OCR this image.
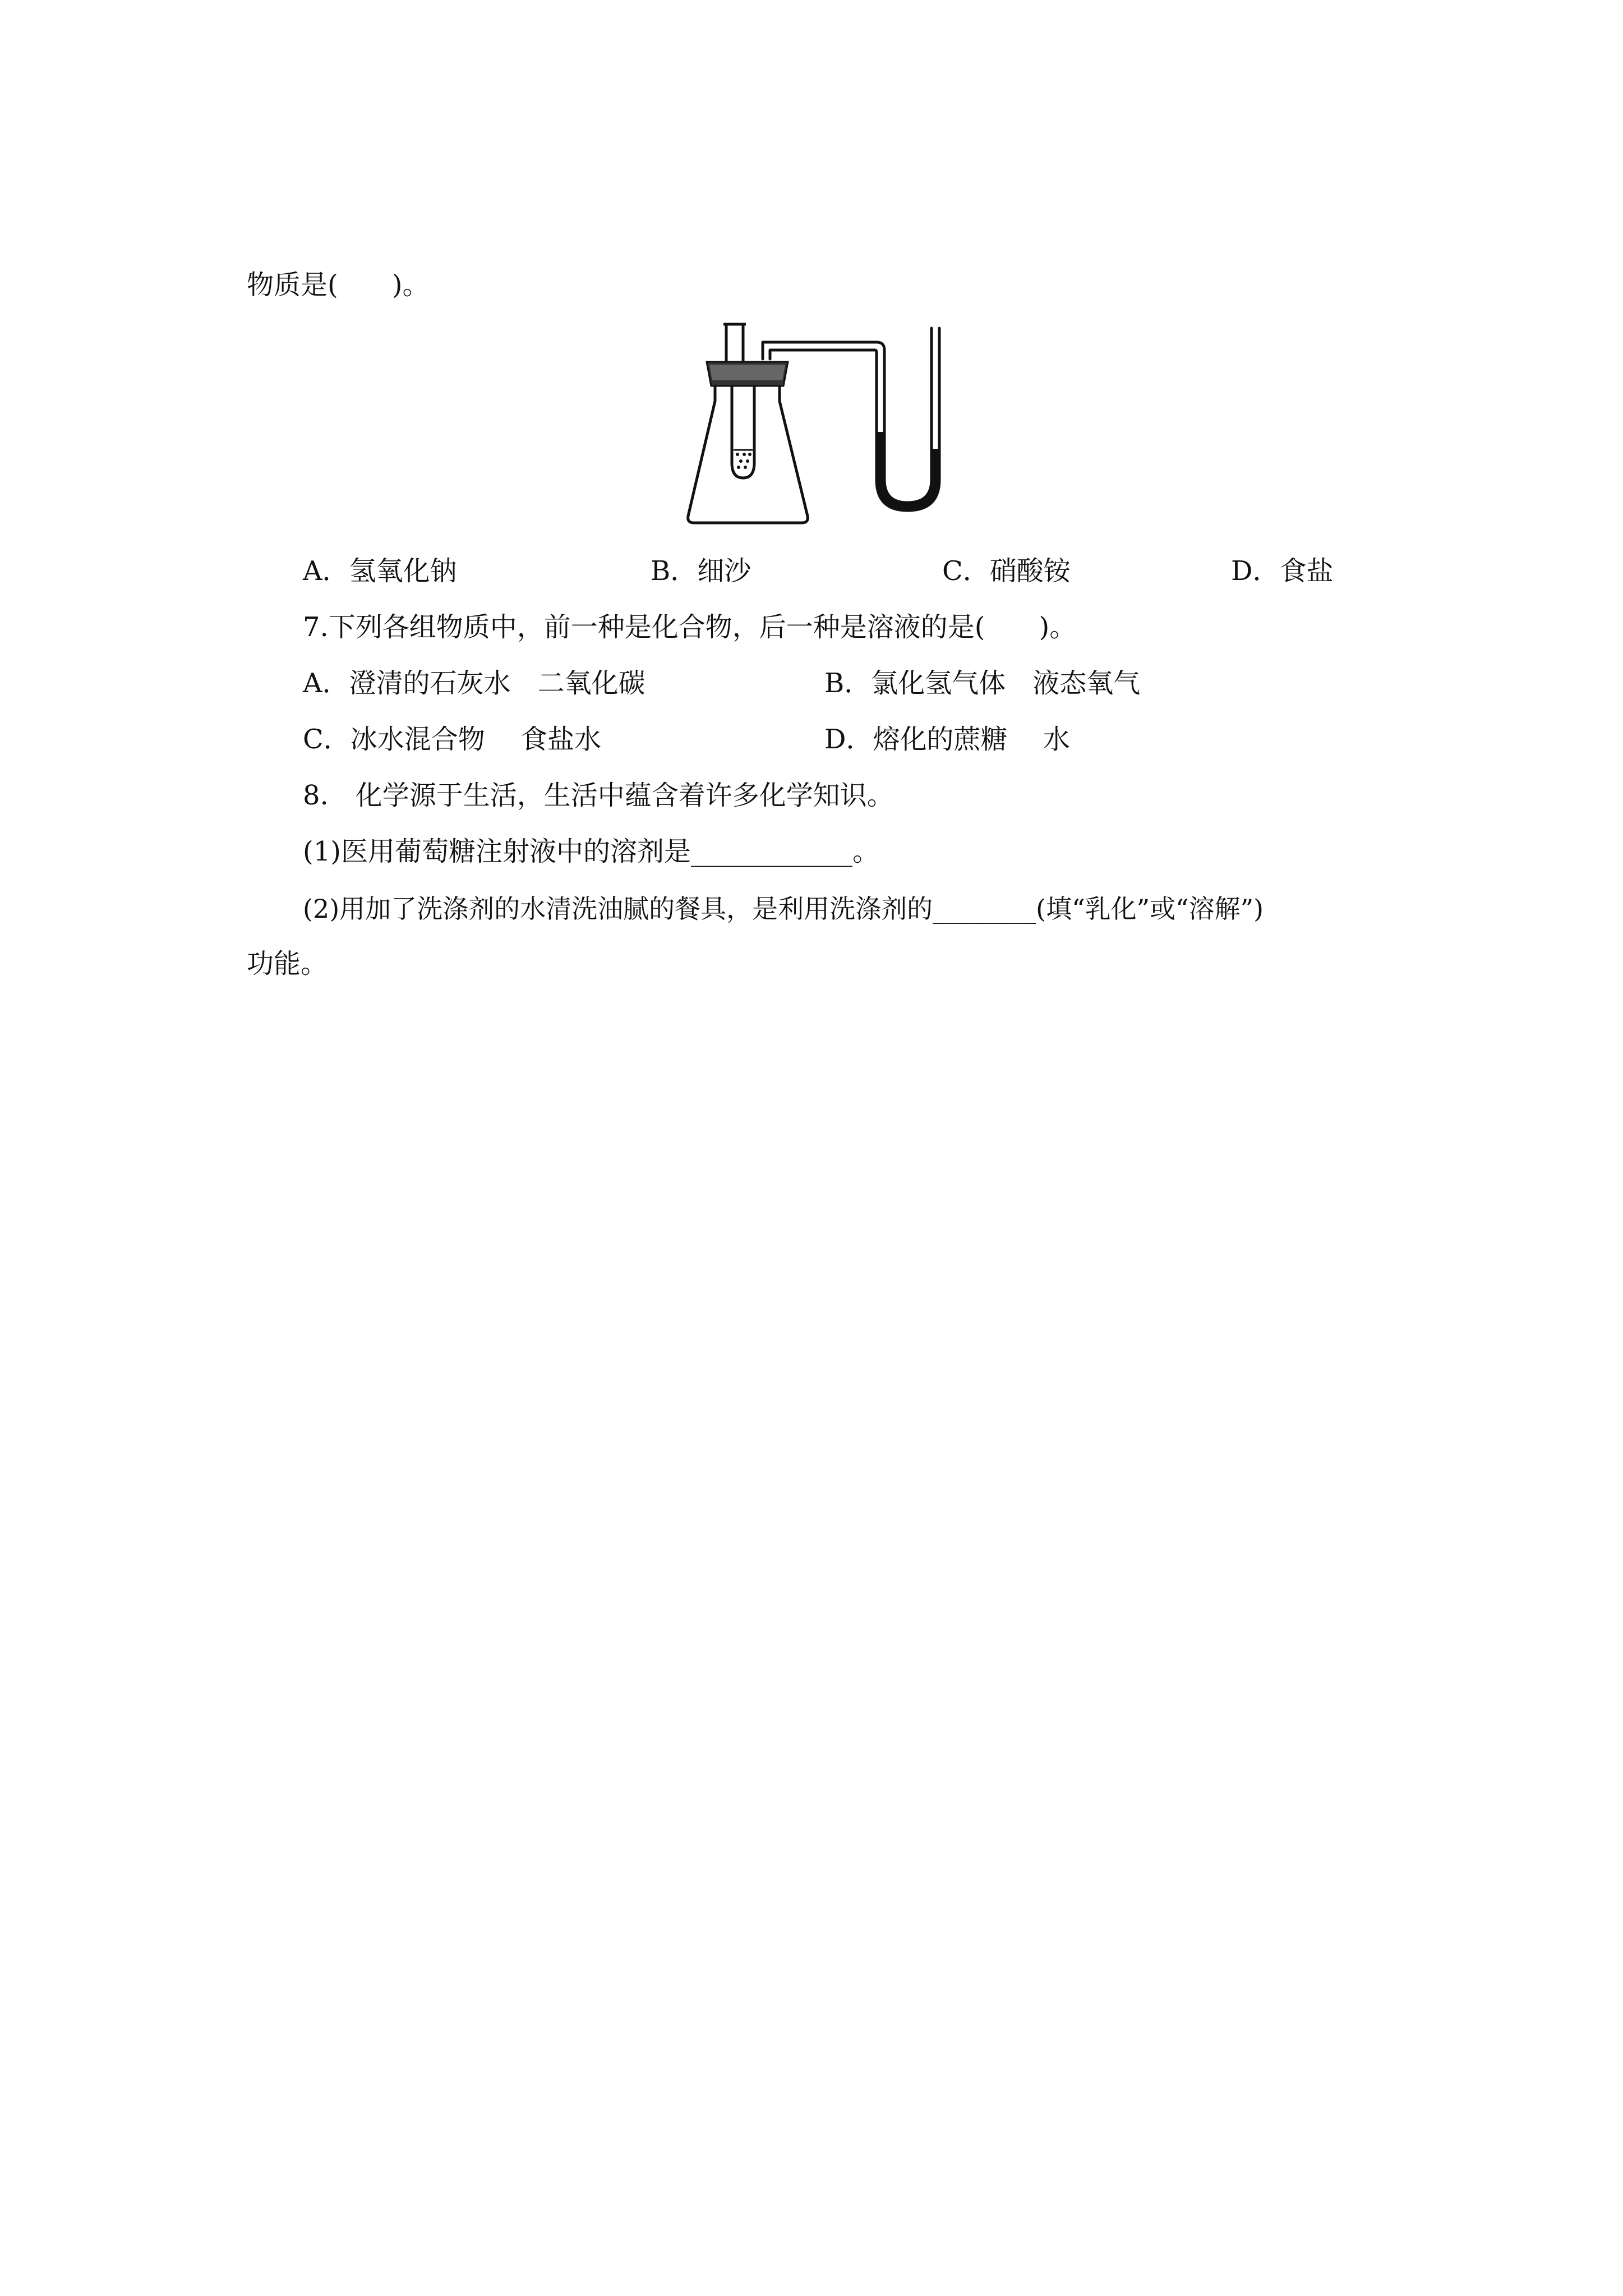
物质是(　　)。
A．氢氧化钠	B．细沙	C．硝酸铵	D．食盐
7.下列各组物质中，前一种是化合物，后一种是溶液的是(　　)。
A．澄清的石灰水　二氧化碳	B．氯化氢气体　液态氧气
C．冰水混合物　 食盐水	D．熔化的蔗糖　 水
8.　化学源于生活，生活中蕴含着许多化学知识。
(1)医用葡萄糖注射液中的溶剂是____________。
(2)用加了洗涤剂的水清洗油腻的餐具，是利用洗涤剂的________(填“乳化”或“溶解”)
功能。
